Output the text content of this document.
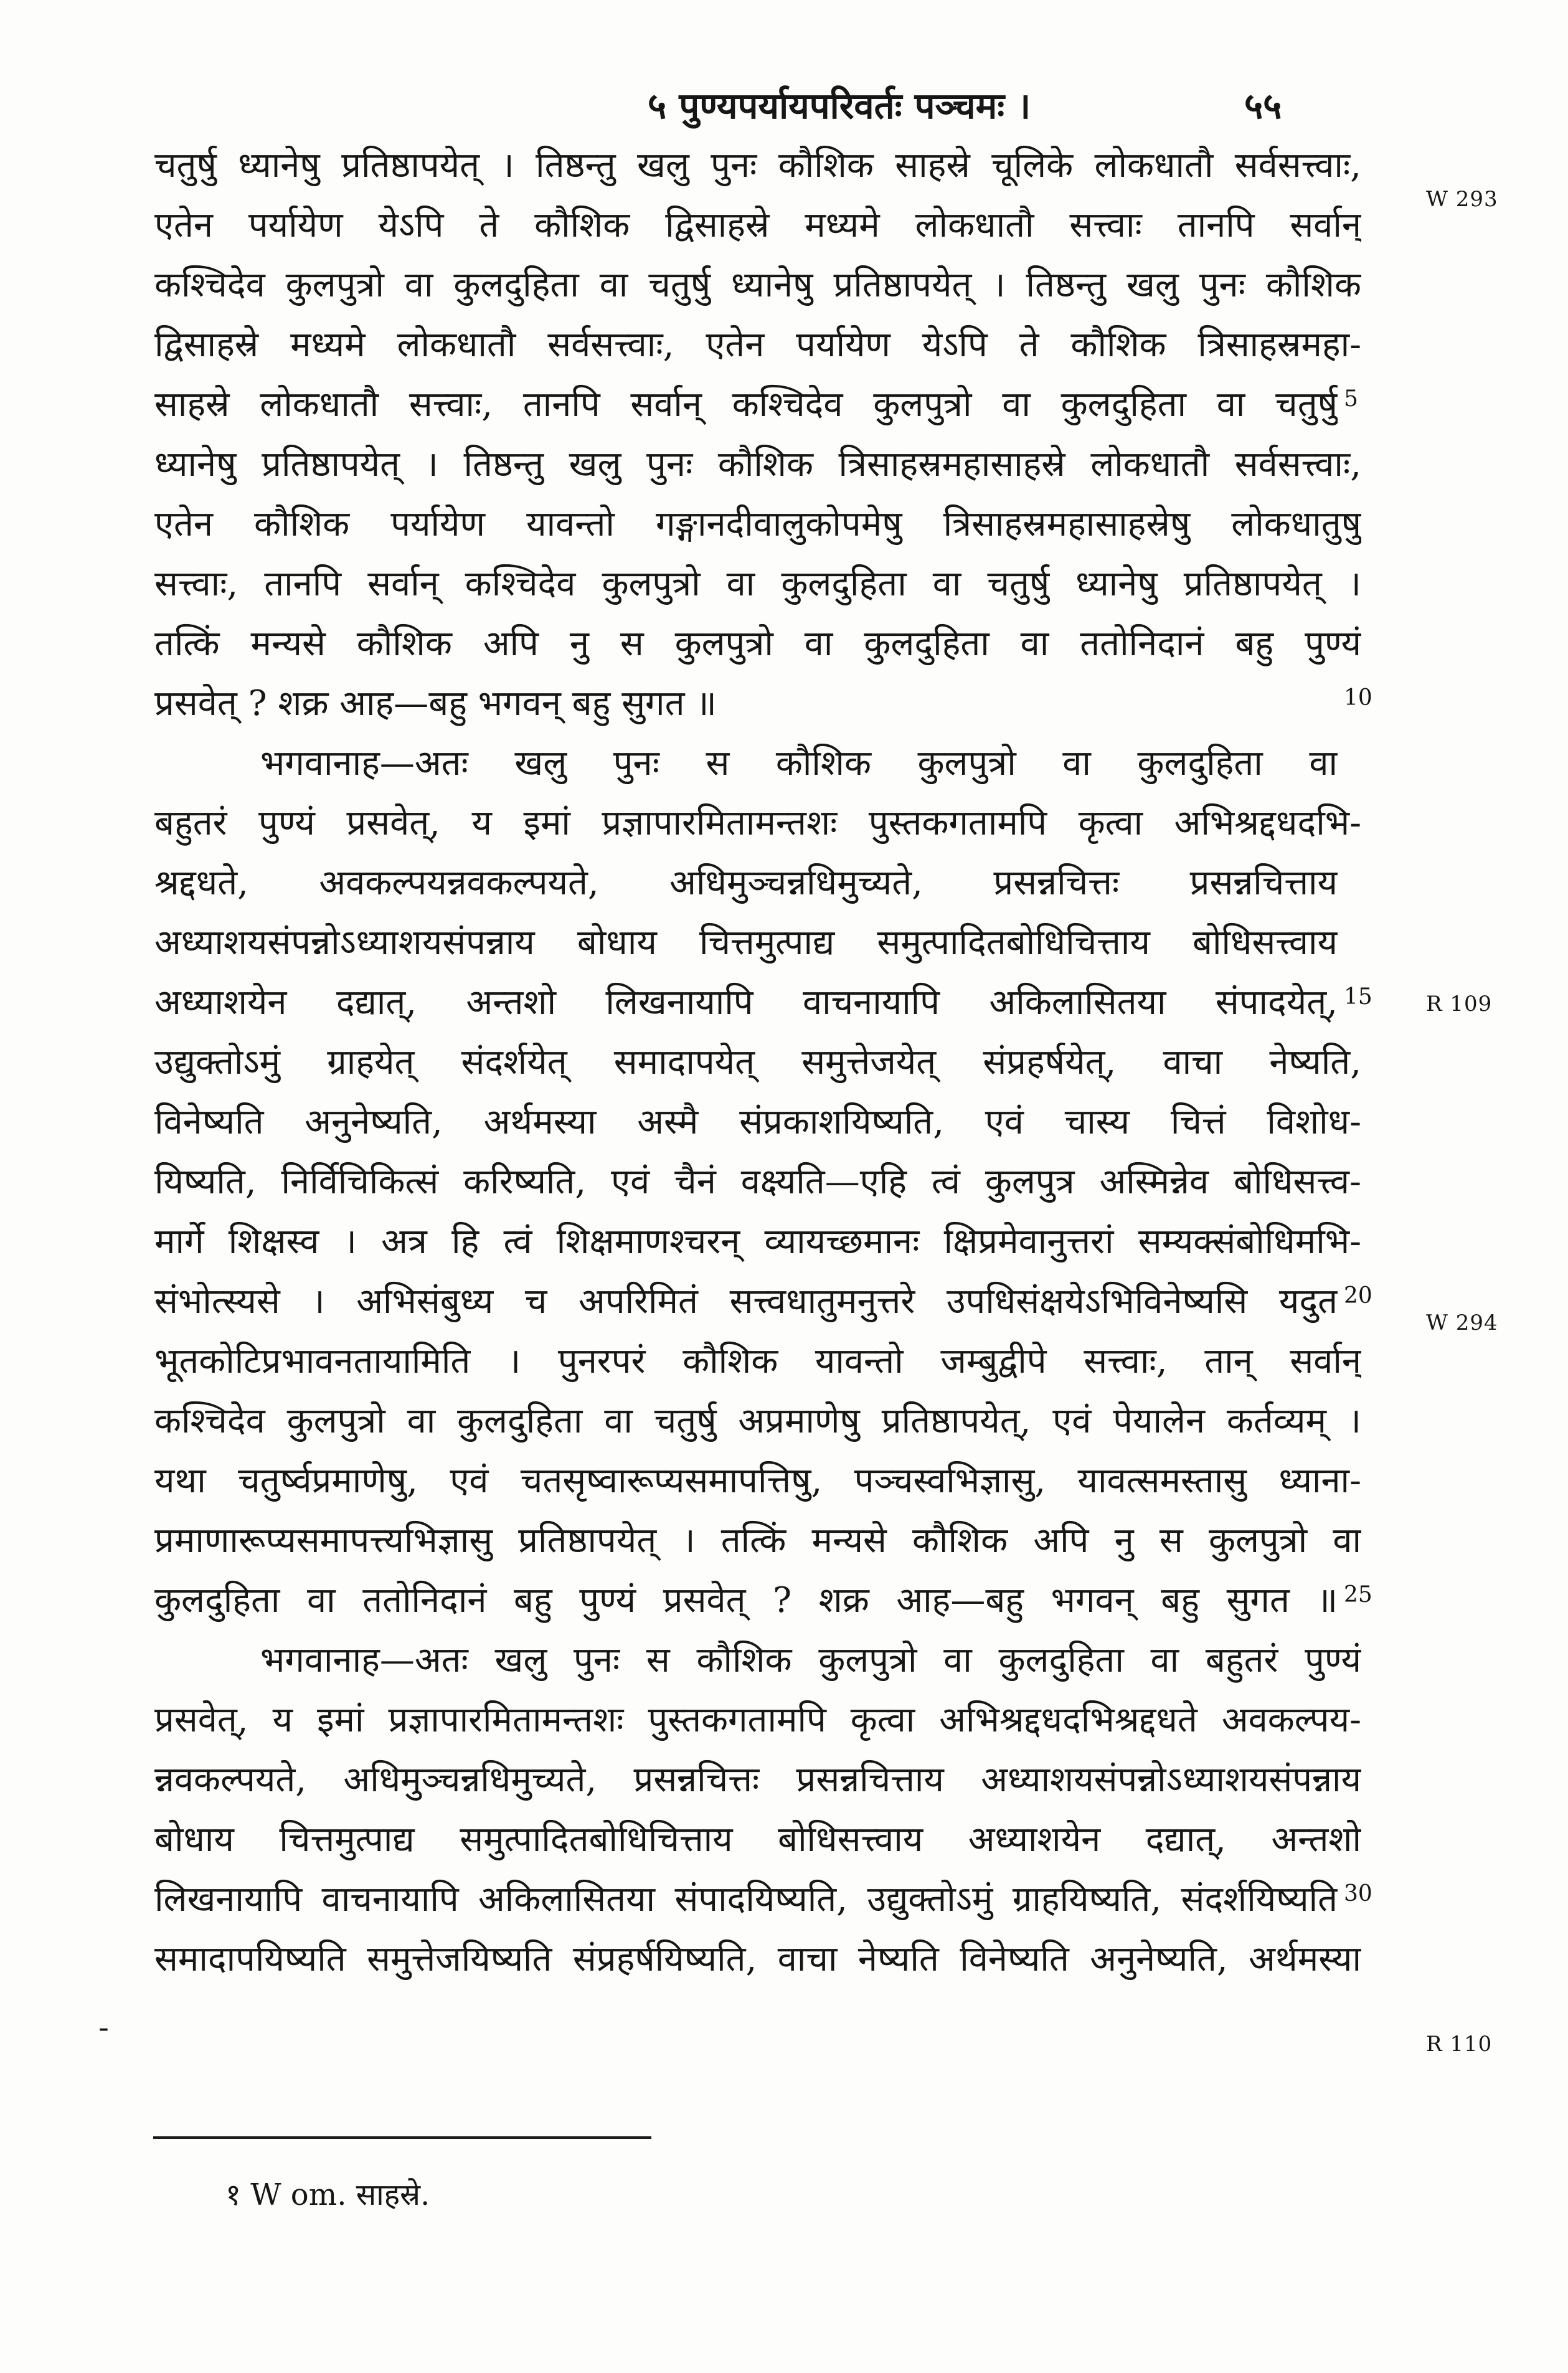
५ पुण्यपर्यायपरिवर्तः पञ्चमः ।	५५
W 293
R 109
W 294
R 110
-
चतुर्षु ध्यानेषु प्रतिष्ठापयेत् । तिष्ठन्तु खलु पुनः कौशिक साहस्रे चूलिके लोकधातौ सर्वसत्त्वाः,
एतेन पर्यायेण येऽपि ते कौशिक द्विसाहस्रे मध्यमे लोकधातौ सत्त्वाः तानपि सर्वान्
कश्चिदेव कुलपुत्रो वा कुलदुहिता वा चतुर्षु ध्यानेषु प्रतिष्ठापयेत् । तिष्ठन्तु खलु पुनः कौशिक
द्विसाहस्रे मध्यमे लोकधातौ सर्वसत्त्वाः, एतेन पर्यायेण येऽपि ते कौशिक त्रिसाहस्रमहा-
साहस्रे लोकधातौ सत्त्वाः, तानपि सर्वान् कश्चिदेव कुलपुत्रो वा कुलदुहिता वा चतुर्षु
ध्यानेषु प्रतिष्ठापयेत् । तिष्ठन्तु खलु पुनः कौशिक त्रिसाहस्रमहासाहस्रे लोकधातौ सर्वसत्त्वाः,
एतेन कौशिक पर्यायेण यावन्तो गङ्गानदीवालुकोपमेषु त्रिसाहस्रमहासाहस्रेषु लोकधातुषु
सत्त्वाः, तानपि सर्वान् कश्चिदेव कुलपुत्रो वा कुलदुहिता वा चतुर्षु ध्यानेषु प्रतिष्ठापयेत् ।
तत्किं मन्यसे कौशिक अपि नु स कुलपुत्रो वा कुलदुहिता वा ततोनिदानं बहु पुण्यं
प्रसवेत् ? शक्र आह—बहु भगवन् बहु सुगत ॥
भगवानाह—अतः खलु पुनः स कौशिक कुलपुत्रो वा कुलदुहिता वा
बहुतरं पुण्यं प्रसवेत्, य इमां प्रज्ञापारमितामन्तशः पुस्तकगतामपि कृत्वा अभिश्रद्दधदभि-
श्रद्दधते, अवकल्पयन्नवकल्पयते, अधिमुञ्चन्नधिमुच्यते, प्रसन्नचित्तः प्रसन्नचित्ताय
अध्याशयसंपन्नोऽध्याशयसंपन्नाय बोधाय चित्तमुत्पाद्य समुत्पादितबोधिचित्ताय बोधिसत्त्वाय
अध्याशयेन दद्यात्, अन्तशो लिखनायापि वाचनायापि अकिलासितया संपादयेत्,
उद्युक्तोऽमुं ग्राहयेत् संदर्शयेत् समादापयेत् समुत्तेजयेत् संप्रहर्षयेत्, वाचा नेष्यति,
विनेष्यति अनुनेष्यति, अर्थमस्या अस्मै संप्रकाशयिष्यति, एवं चास्य चित्तं विशोध-
यिष्यति, निर्विचिकित्सं करिष्यति, एवं चैनं वक्ष्यति—एहि त्वं कुलपुत्र अस्मिन्नेव बोधिसत्त्व-
मार्गे शिक्षस्व । अत्र हि त्वं शिक्षमाणश्चरन् व्यायच्छमानः क्षिप्रमेवानुत्तरां सम्यक्संबोधिमभि-
संभोत्स्यसे । अभिसंबुध्य च अपरिमितं सत्त्वधातुमनुत्तरे उपधिसंक्षयेऽभिविनेष्यसि यदुत
भूतकोटिप्रभावनतायामिति । पुनरपरं कौशिक यावन्तो जम्बुद्वीपे सत्त्वाः, तान् सर्वान्
कश्चिदेव कुलपुत्रो वा कुलदुहिता वा चतुर्षु अप्रमाणेषु प्रतिष्ठापयेत्, एवं पेयालेन कर्तव्यम् ।
यथा चतुर्ष्वप्रमाणेषु, एवं चतसृष्वारूप्यसमापत्तिषु, पञ्चस्वभिज्ञासु, यावत्समस्तासु ध्याना-
प्रमाणारूप्यसमापत्त्यभिज्ञासु प्रतिष्ठापयेत् । तत्किं मन्यसे कौशिक अपि नु स कुलपुत्रो वा
कुलदुहिता वा ततोनिदानं बहु पुण्यं प्रसवेत् ? शक्र आह—बहु भगवन् बहु सुगत ॥
भगवानाह—अतः खलु पुनः स कौशिक कुलपुत्रो वा कुलदुहिता वा बहुतरं पुण्यं
प्रसवेत्, य इमां प्रज्ञापारमितामन्तशः पुस्तकगतामपि कृत्वा अभिश्रद्दधदभिश्रद्दधते अवकल्पय-
न्नवकल्पयते, अधिमुञ्चन्नधिमुच्यते, प्रसन्नचित्तः प्रसन्नचित्ताय अध्याशयसंपन्नोऽध्याशयसंपन्नाय
बोधाय चित्तमुत्पाद्य समुत्पादितबोधिचित्ताय बोधिसत्त्वाय अध्याशयेन दद्यात्, अन्तशो
लिखनायापि वाचनायापि अकिलासितया संपादयिष्यति, उद्युक्तोऽमुं ग्राहयिष्यति, संदर्शयिष्यति
समादापयिष्यति समुत्तेजयिष्यति संप्रहर्षयिष्यति, वाचा नेष्यति विनेष्यति अनुनेष्यति, अर्थमस्या
5
10
15
20
25
30
१ W om. साहस्रे.
